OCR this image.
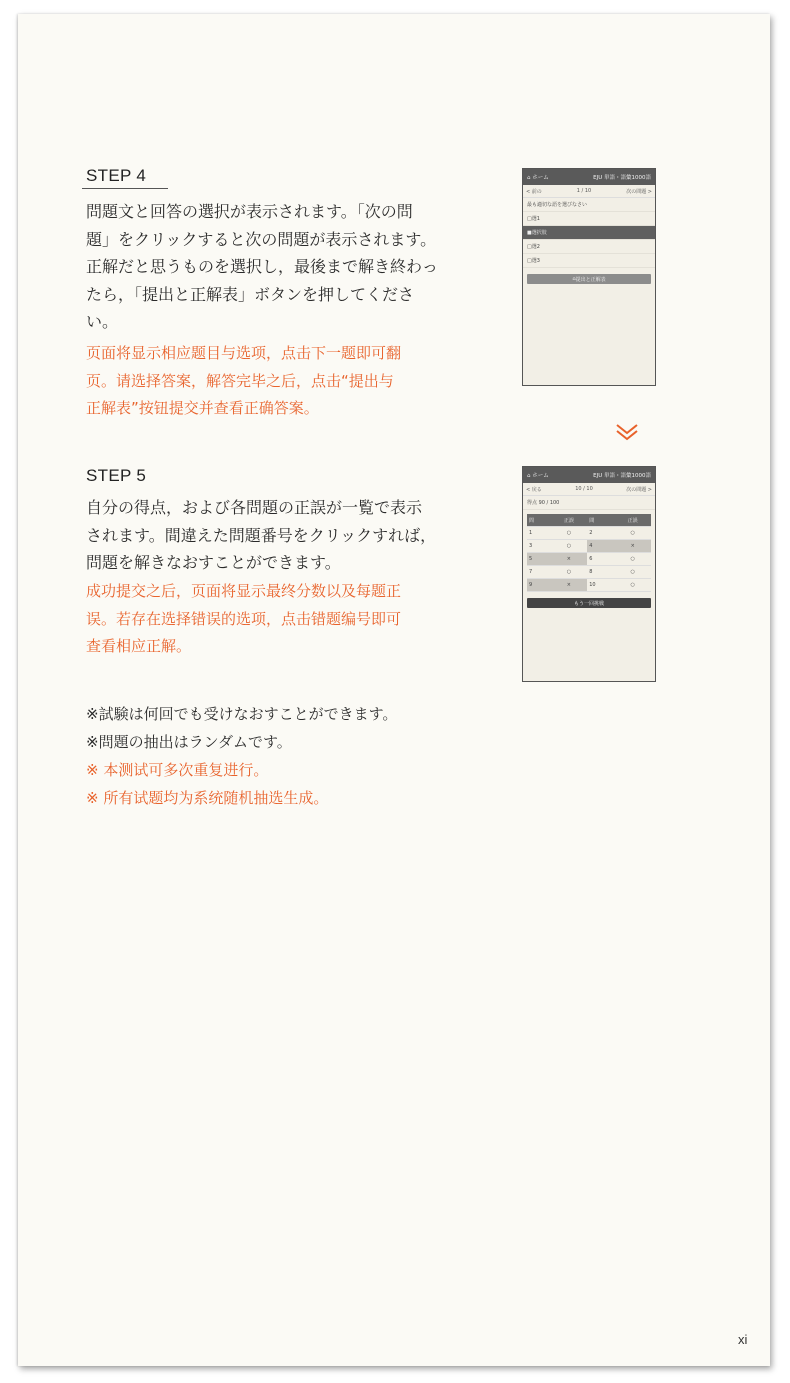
STEP 4
問題文と回答の選択が表示されます。「次の問
題」をクリックすると次の問題が表示されます。
正解だと思うものを選択し，最後まで解き終わっ
たら，「提出と正解表」ボタンを押してくださ
い。
页面将显示相应题目与选项，点击下一题即可翻
页。请选择答案，解答完毕之后，点击“提出与
正解表”按钮提交并查看正确答案。
STEP 5
自分の得点，および各問題の正誤が一覧で表示
されます。間違えた問題番号をクリックすれば，
問題を解きなおすことができます。
成功提交之后，页面将显示最终分数以及每题正
误。若存在选择错误的选项，点击错题编号即可
查看相应正解。
※試験は何回でも受けなおすことができます。
※問題の抽出はランダムです。
※ 本测试可多次重复进行。
※ 所有试题均为系统随机抽选生成。
⌂ ホーム	EJU 単語・語彙1000語
< 前の	1 / 10	次の問題 >
最も適切な語を選びなさい
□ 選1
■ 選択肢
□ 選2
□ 選3
⌂ 提出と正解表
⌂ ホーム	EJU 単語・語彙1000語
< 戻る	10 / 10	次の問題 >
得点 90 / 100
問	正誤	問	正誤
1	○	2	○
3	○	4	×
5	×	6	○
7	○	8	○
9	×	10	○
もう一回挑戦
xi
